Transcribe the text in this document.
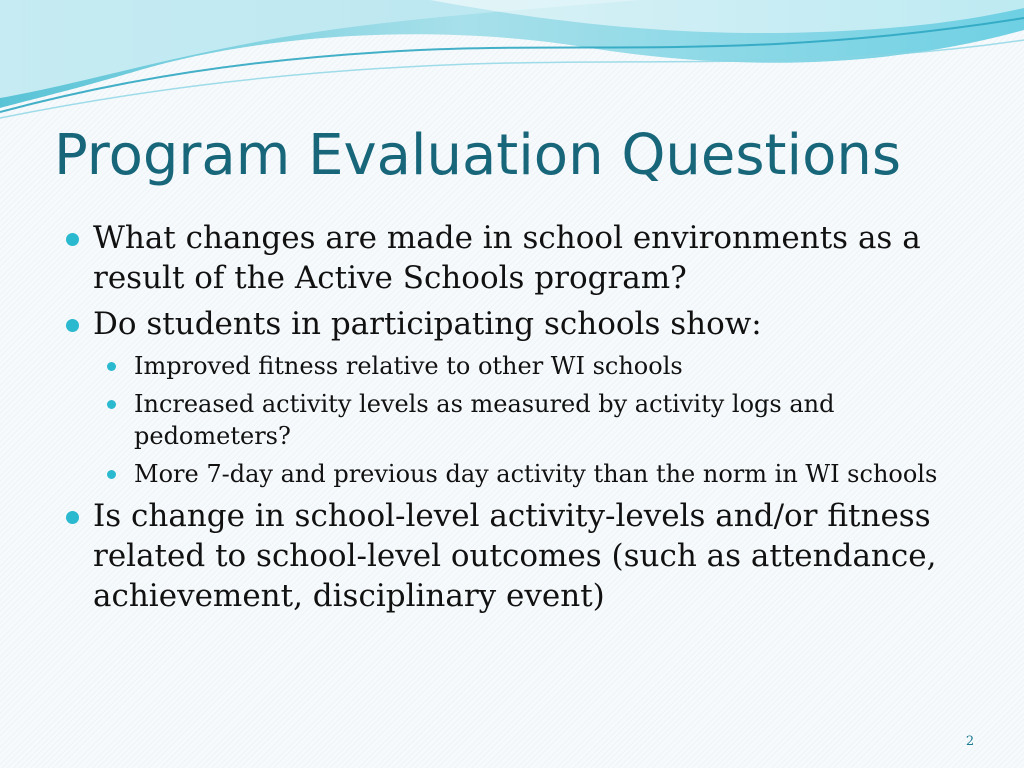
Program Evaluation Questions
What changes are made in school environments as a result of the Active Schools program?
Do students in participating schools show:
Improved fitness relative to other WI schools
Increased activity levels as measured by activity logs and pedometers?
More 7-day and previous day activity than the norm in WI schools
Is change in school-level activity-levels and/or fitness related to school-level outcomes (such as attendance, achievement, disciplinary event)
2
